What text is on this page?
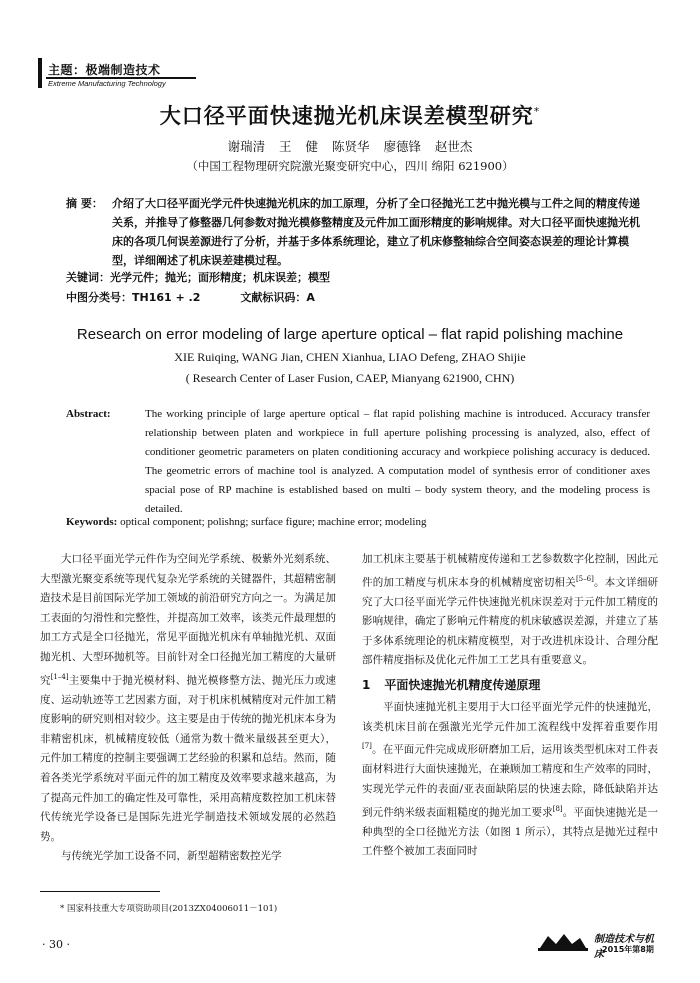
主题：极端制造技术
Extreme Manufacturing Technology
大口径平面快速抛光机床误差模型研究*
谢瑞清 王 健 陈贤华 廖德锋 赵世杰
（中国工程物理研究院激光聚变研究中心，四川 绵阳 621900）
摘 要： 介绍了大口径平面光学元件快速抛光机床的加工原理，分析了全口径抛光工艺中抛光模与工件之间的精度传递关系，并推导了修整器几何参数对抛光模修整精度及元件加工面形精度的影响规律。对大口径平面快速抛光机床的各项几何误差源进行了分析，并基于多体系统理论，建立了机床修整轴综合空间姿态误差的理论计算模型，详细阐述了机床误差建模过程。
关键词：光学元件；抛光；面形精度；机床误差；模型
中图分类号：TH161 + .2	文献标识码：A
Research on error modeling of large aperture optical – flat rapid polishing machine
XIE Ruiqing, WANG Jian, CHEN Xianhua, LIAO Defeng, ZHAO Shijie
( Research Center of Laser Fusion, CAEP, Mianyang 621900, CHN)
Abstract:	The working principle of large aperture optical – flat rapid polishing machine is introduced. Accuracy transfer relationship between platen and workpiece in full aperture polishing processing is analyzed, also, effect of conditioner geometric parameters on platen conditioning accuracy and workpiece polishing accuracy is deduced. The geometric errors of machine tool is analyzed. A computation model of synthesis error of conditioner axes spacial pose of RP machine is established based on multi – body system theory, and the modeling process is detailed.
Keywords: optical component; polishng; surface figure; machine error; modeling

大口径平面光学元件作为空间光学系统、极紫外光刻系统、大型激光聚变系统等现代复杂光学系统的关键器件，其超精密制造技术是目前国际光学加工领域的前沿研究方向之一。为满足加工表面的匀滑性和完整性，并提高加工效率，该类元件最理想的加工方式是全口径抛光，常见平面抛光机床有单轴抛光机、双面抛光机、大型环抛机等。目前针对全口径抛光加工精度的大量研究[1–4]主要集中于抛光模材料、抛光模修整方法、抛光压力或速度、运动轨迹等工艺因素方面，对于机床机械精度对元件加工精度影响的研究则相对较少。这主要是由于传统的抛光机床本身为非精密机床，机械精度较低（通常为数十微米量级甚至更大），元件加工精度的控制主要强调工艺经验的积累和总结。然而，随着各类光学系统对平面元件的加工精度及效率要求越来越高，为了提高元件加工的确定性及可靠性，采用高精度数控加工机床替代传统光学设备已是国际先进光学制造技术领域发展的必然趋势。

与传统光学加工设备不同，新型超精密数控光学

加工机床主要基于机械精度传递和工艺参数数字化控制，因此元件的加工精度与机床本身的机械精度密切相关[5–6]。本文详细研究了大口径平面光学元件快速抛光机床误差对于元件加工精度的影响规律，确定了影响元件精度的机床敏感误差源，并建立了基于多体系统理论的机床精度模型，对于改进机床设计、合理分配部件精度指标及优化元件加工工艺具有重要意义。

1 平面快速抛光机精度传递原理

平面快速抛光机主要用于大口径平面光学元件的快速抛光，该类机床目前在强激光光学元件加工流程线中发挥着重要作用[7]。在平面元件完成成形研磨加工后，运用该类型机床对工件表面材料进行大面快速抛光，在兼顾加工精度和生产效率的同时，实现光学元件的表面/亚表面缺陷层的快速去除，降低缺陷并达到元件纳米级表面粗糙度的抛光加工要求[8]。平面快速抛光是一种典型的全口径抛光方法（如图 1 所示），其特点是抛光过程中工件整个被加工表面同时

* 国家科技重大专项资助项目(2013ZX04006011－101)
· 30 ·	制造技术与机床
2015年第8期
